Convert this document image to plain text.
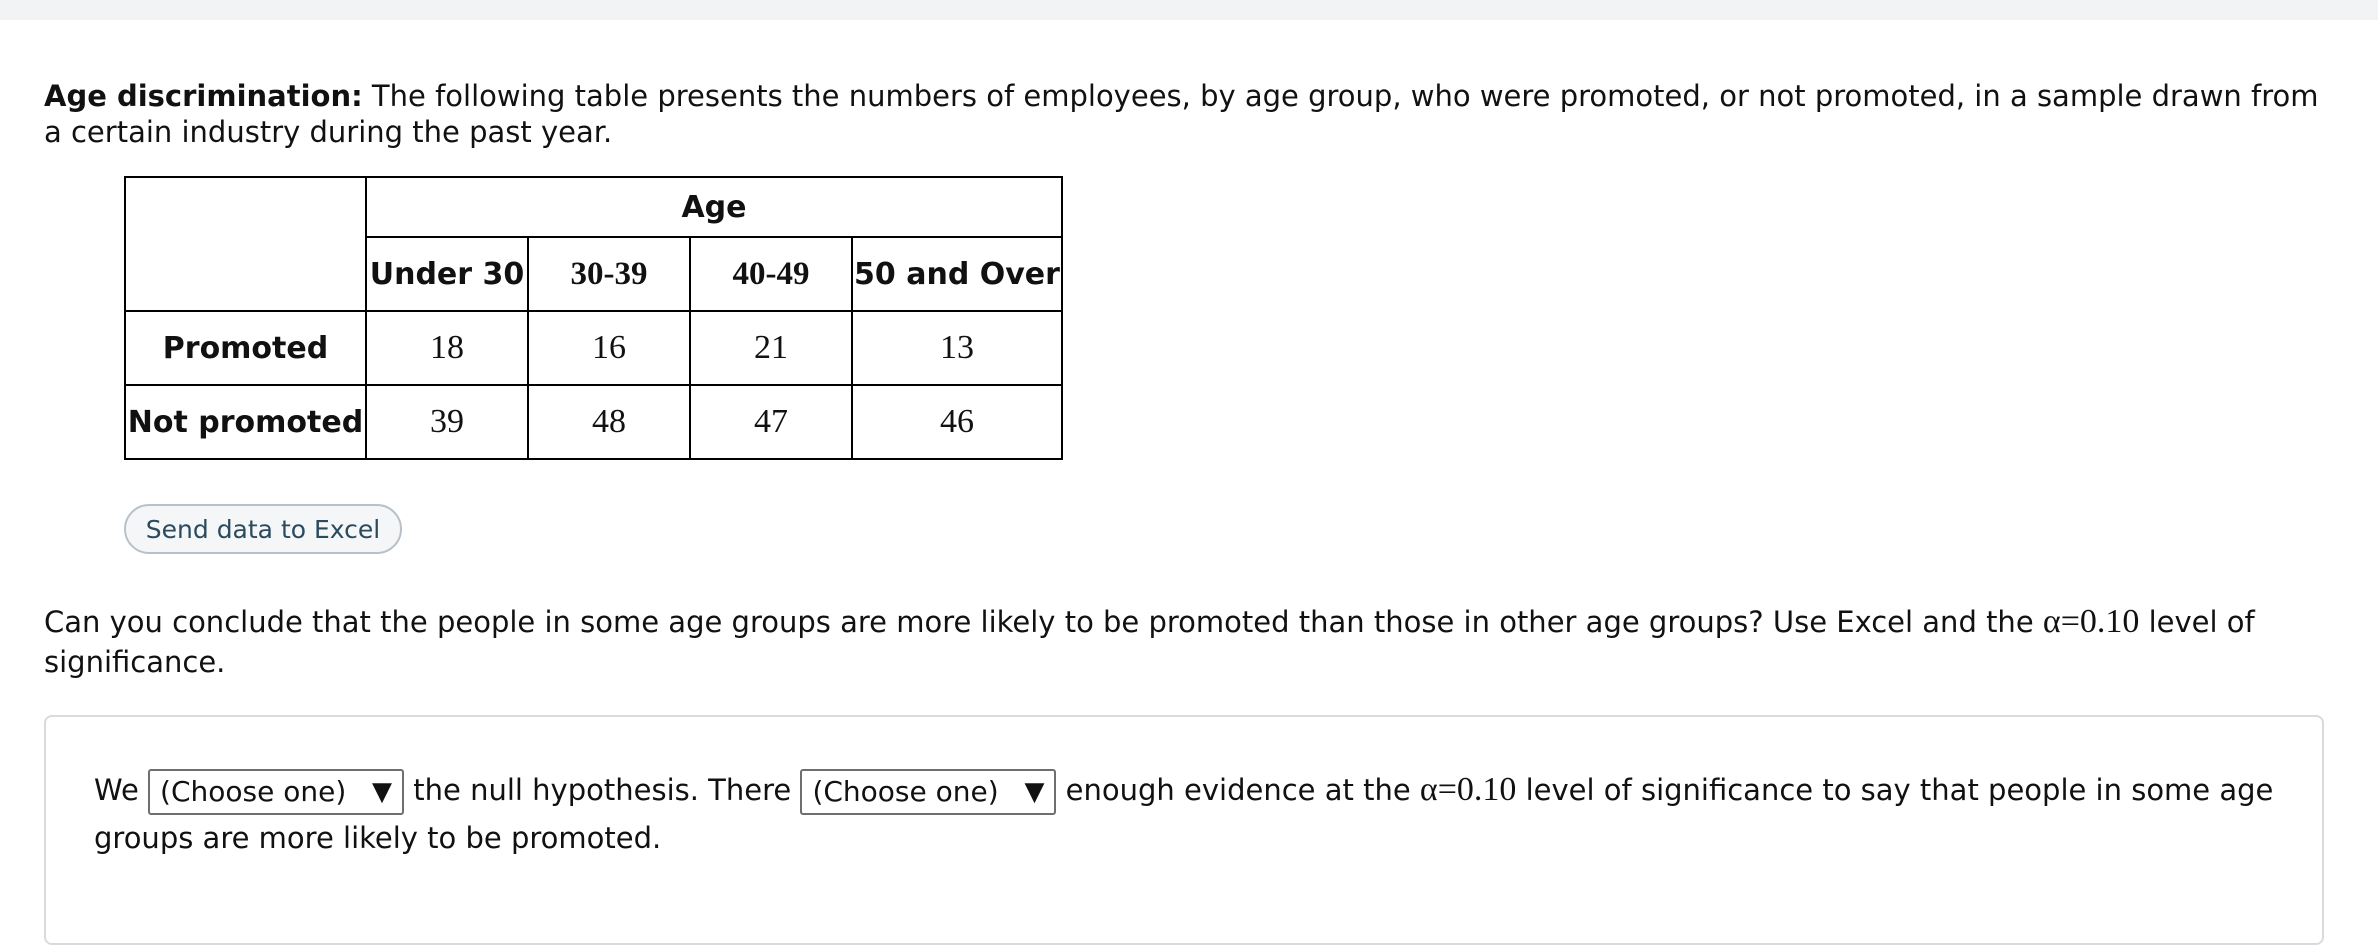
Age discrimination: The following table presents the numbers of employees, by age group, who were promoted, or not promoted, in a sample drawn from a certain industry during the past year.
	Age			
	Under 30	30-39	40-49	50 and Over
Promoted	18	16	21	13
Not promoted	39	48	47	46
Send data to Excel
Can you conclude that the people in some age groups are more likely to be promoted than those in other age groups? Use Excel and the α=0.10 level of significance.
We (Choose one) ▼ the null hypothesis. There (Choose one) ▼ enough evidence at the α=0.10 level of significance to say that people in some age groups are more likely to be promoted.
